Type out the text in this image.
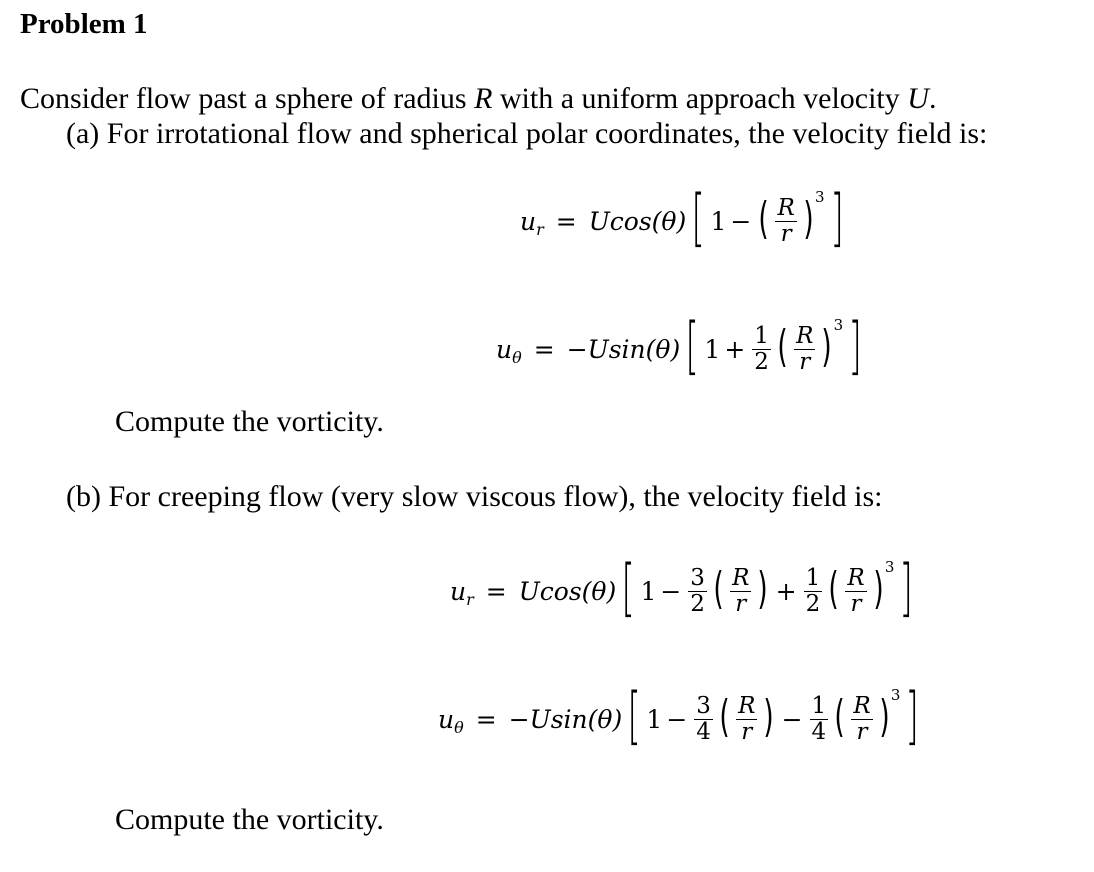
Problem 1
Consider flow past a sphere of radius R with a uniform approach velocity U.
(a) For irrotational flow and spherical polar coordinates, the velocity field is:
u r = Ucos(θ) [ 1 − ( $\frac{R}{r}$ ) 3 ]
u θ = −Usin(θ) [ $1 + \frac{1}{2}$ ( $\frac{R}{r}$ ) 3 ]
Compute the vorticity.
(b) For creeping flow (very slow viscous flow), the velocity field is:
u r = Ucos(θ) [ $1 - \frac{3}{2}$ ( $\frac{R}{r}$ ) + $\frac{1}{2}$ ( $\frac{R}{r}$ ) 3 ]
u θ = −Usin(θ) [ $1 - \frac{3}{4}$ ( $\frac{R}{r}$ ) − $\frac{1}{4}$ ( $\frac{R}{r}$ ) 3 ]
Compute the vorticity.
